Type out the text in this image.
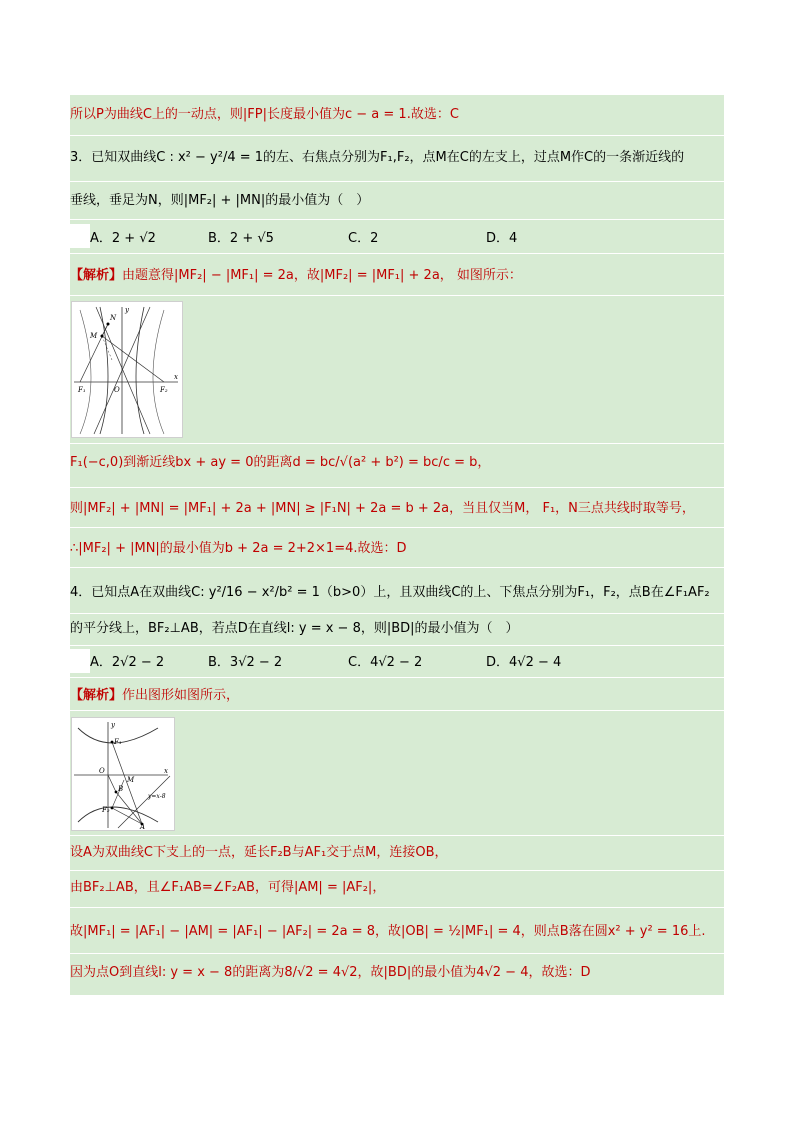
所以P为曲线C上的一动点，则|FP|长度最小值为c − a = 1.故选：C
3．已知双曲线C : x² − y²/4 = 1的左、右焦点分别为F₁,F₂，点M在C的左支上，过点M作C的一条渐近线的
垂线，垂足为N，则|MF₂| + |MN|的最小值为（　）
A．2 + √2	B．2 + √5	C．2	D．4
【解析】由题意得|MF₂| − |MF₁| = 2a，故|MF₂| = |MF₁| + 2a， 如图所示：
N
M
F₁	O	F₂
x
y
F₁(−c,0)到渐近线bx + ay = 0的距离d = bc/√(a² + b²) = bc/c = b，
则|MF₂| + |MN| = |MF₁| + 2a + |MN| ≥ |F₁N| + 2a = b + 2a，当且仅当M， F₁，N三点共线时取等号，
∴|MF₂| + |MN|的最小值为b + 2a = 2+2×1=4.故选：D
4．已知点A在双曲线C: y²/16 − x²/b² = 1（b>0）上，且双曲线C的上、下焦点分别为F₁，F₂，点B在∠F₁AF₂
的平分线上，BF₂⊥AB，若点D在直线l: y = x − 8，则|BD|的最小值为（　）
A．2√2 − 2	B．3√2 − 2	C．4√2 − 2	D．4√2 − 4
【解析】作出图形如图所示，
y
F₁
O
M
B
F₂
A
x
y=x-8
设A为双曲线C下支上的一点，延长F₂B与AF₁交于点M，连接OB，
由BF₂⊥AB，且∠F₁AB=∠F₂AB，可得|AM| = |AF₂|，
故|MF₁| = |AF₁| − |AM| = |AF₁| − |AF₂| = 2a = 8，故|OB| = ½|MF₁| = 4，则点B落在圆x² + y² = 16上.
因为点O到直线l: y = x − 8的距离为8/√2 = 4√2，故|BD|的最小值为4√2 − 4，故选：D
